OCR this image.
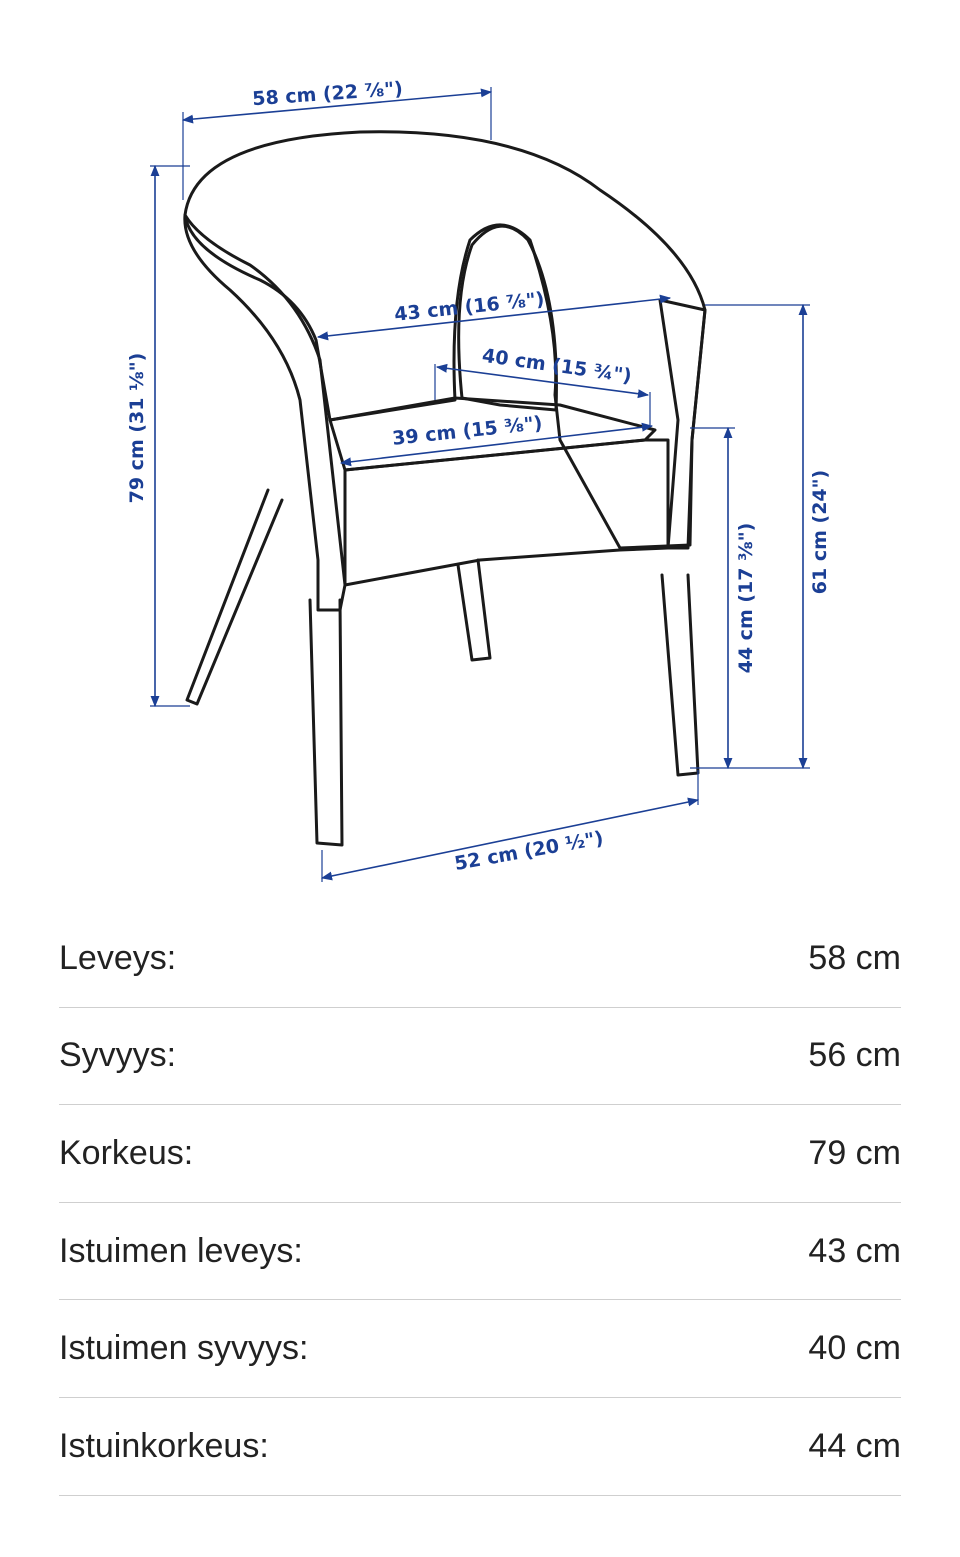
58 cm (22 ⅞")
79 cm (31 ⅛")
43 cm (16 ⅞")
40 cm (15 ¾")
39 cm (15 ⅜")
44 cm (17 ⅜")	61 cm (24")
52 cm (20 ½")
Leveys:	58 cm
Syvyys:	56 cm
Korkeus:	79 cm
Istuimen leveys:	43 cm
Istuimen syvyys:	40 cm
Istuinkorkeus:	44 cm
